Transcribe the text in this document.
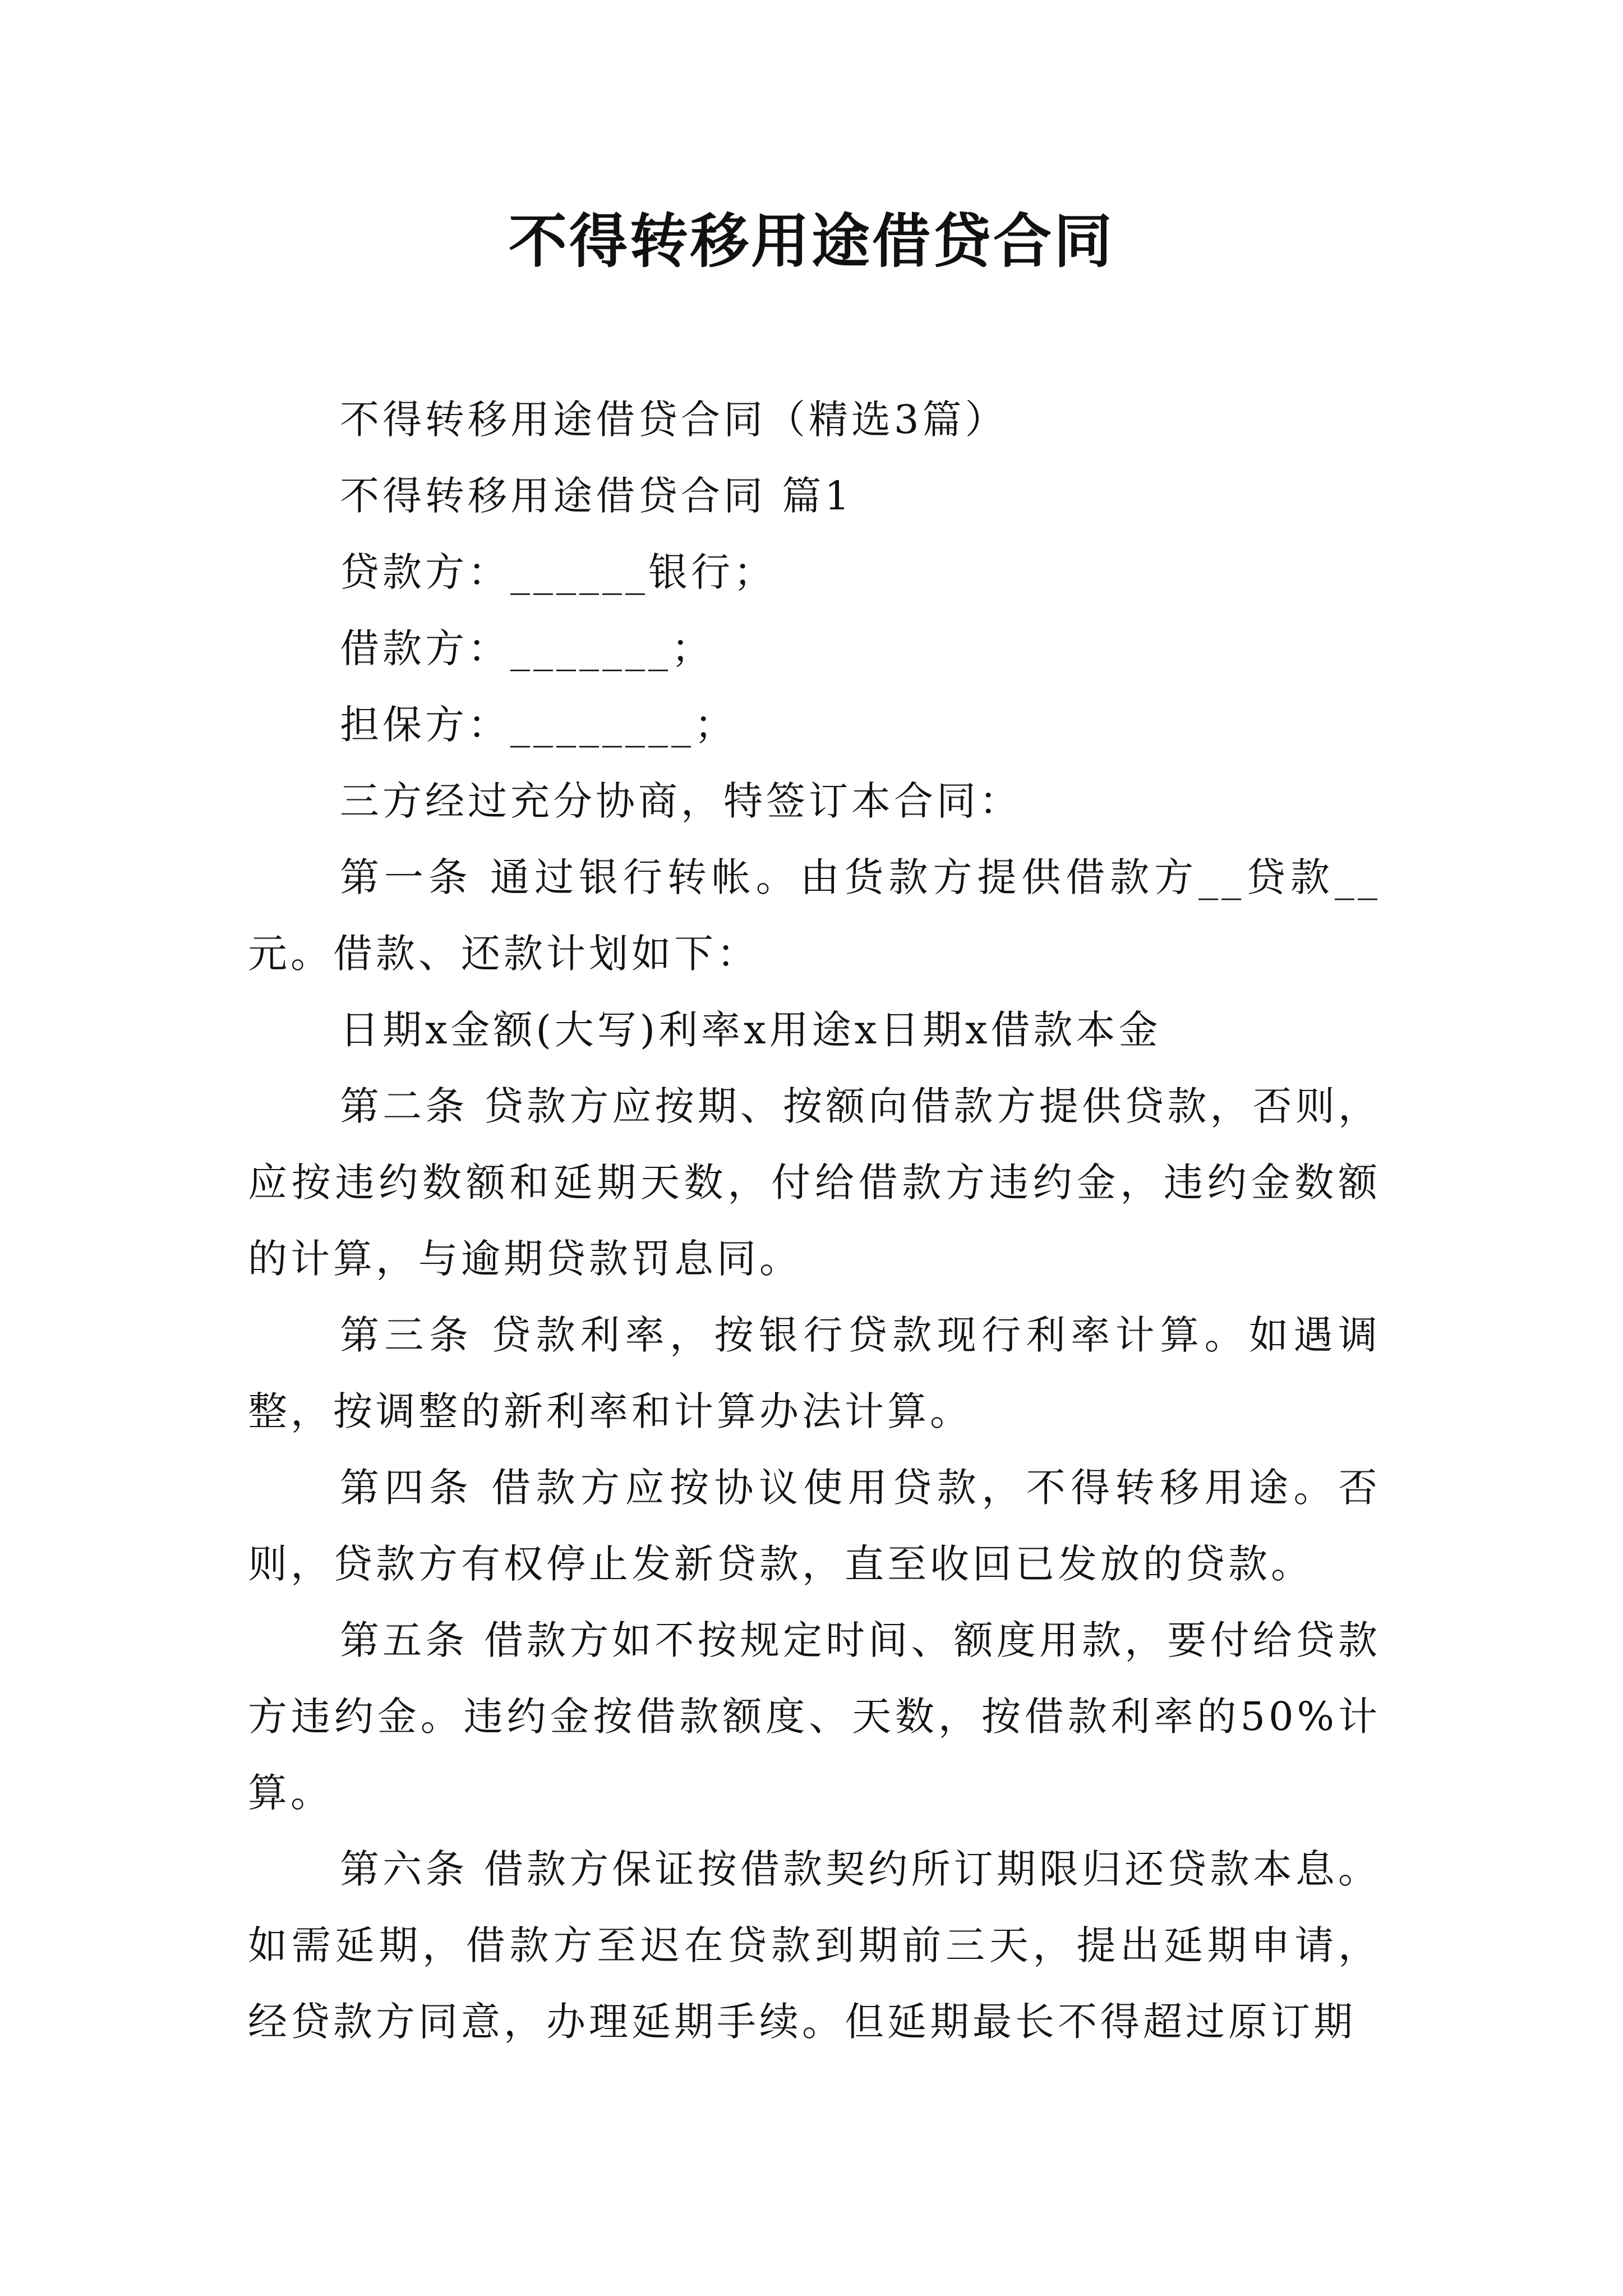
不得转移用途借贷合同

不得转移用途借贷合同（精选3篇）

不得转移用途借贷合同 篇1

贷款方：______银行；

借款方：_______；

担保方：________；

三方经过充分协商，特签订本合同：

第一条 通过银行转帐。由货款方提供借款方__贷款__元。借款、还款计划如下：

日期x金额(大写)利率x用途x日期x借款本金

第二条 贷款方应按期、按额向借款方提供贷款，否则，应按违约数额和延期天数，付给借款方违约金，违约金数额的计算，与逾期贷款罚息同。

第三条 贷款利率，按银行贷款现行利率计算。如遇调整，按调整的新利率和计算办法计算。

第四条 借款方应按协议使用贷款，不得转移用途。否则，贷款方有权停止发新贷款，直至收回已发放的贷款。

第五条 借款方如不按规定时间、额度用款，要付给贷款方违约金。违约金按借款额度、天数，按借款利率的50%计算。

第六条 借款方保证按借款契约所订期限归还贷款本息。如需延期，借款方至迟在贷款到期前三天，提出延期申请，经贷款方同意，办理延期手续。但延期最长不得超过原订期
